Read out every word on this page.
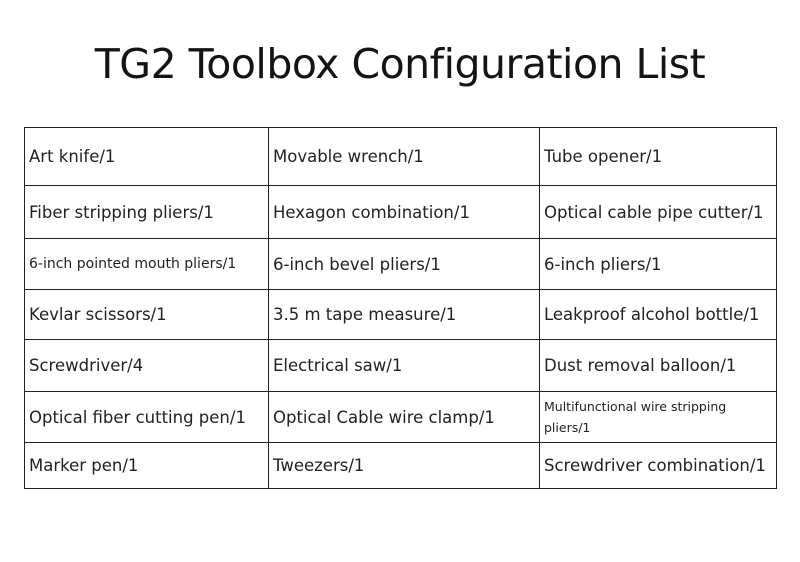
TG2 Toolbox Configuration List
Art knife/1	Movable wrench/1	Tube opener/1
Fiber stripping pliers/1	Hexagon combination/1	Optical cable pipe cutter/1
6-inch pointed mouth pliers/1	6-inch bevel pliers/1	6-inch pliers/1
Kevlar scissors/1	3.5 m tape measure/1	Leakproof alcohol bottle/1
Screwdriver/4	Electrical saw/1	Dust removal balloon/1
Optical fiber cutting pen/1	Optical Cable wire clamp/1	Multifunctional wire stripping pliers/1
Marker pen/1	Tweezers/1	Screwdriver combination/1
